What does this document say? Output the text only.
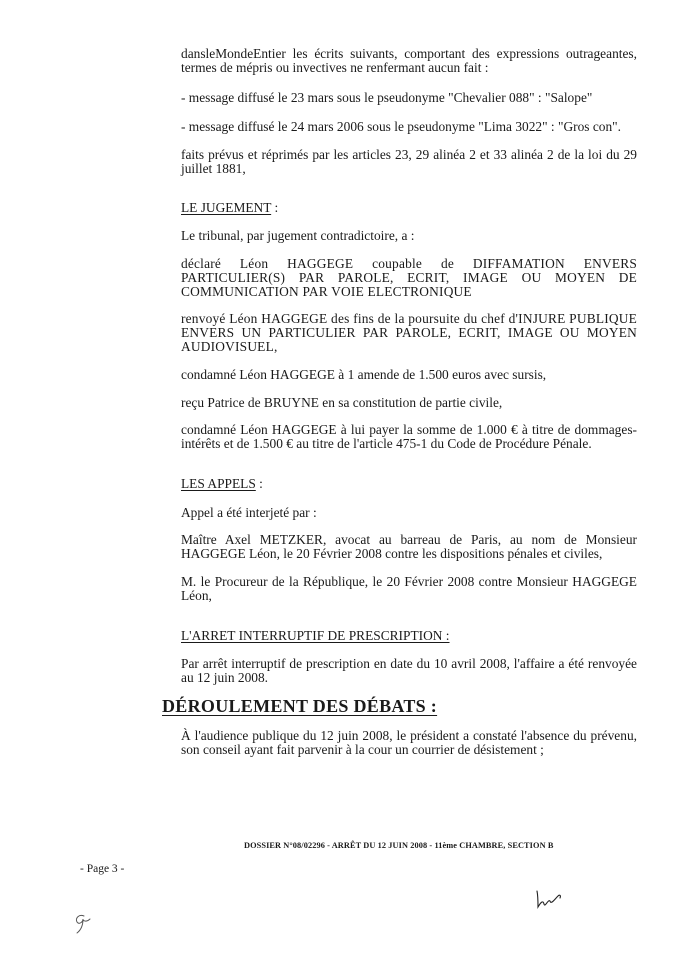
dansleMondeEntier les écrits suivants, comportant des expressions outrageantes, termes de mépris ou invectives ne renfermant aucun fait :

- message diffusé le 23 mars sous le pseudonyme "Chevalier 088" : "Salope"

- message diffusé le 24 mars 2006 sous le pseudonyme "Lima 3022" : "Gros con".

faits prévus et réprimés par les articles 23, 29 alinéa 2 et 33 alinéa 2 de la loi du 29 juillet 1881,

LE JUGEMENT :

Le tribunal, par jugement contradictoire, a :

déclaré Léon HAGGEGE coupable de DIFFAMATION ENVERS PARTICULIER(S) PAR PAROLE, ECRIT, IMAGE OU MOYEN DE COMMUNICATION PAR VOIE ELECTRONIQUE

renvoyé Léon HAGGEGE des fins de la poursuite du chef d'INJURE PUBLIQUE ENVERS UN PARTICULIER PAR PAROLE, ECRIT, IMAGE OU MOYEN AUDIOVISUEL,

condamné Léon HAGGEGE à 1 amende de 1.500 euros avec sursis,

reçu Patrice de BRUYNE en sa constitution de partie civile,

condamné Léon HAGGEGE à lui payer la somme de 1.000 € à titre de dommages-intérêts et de 1.500 € au titre de l'article 475-1 du Code de Procédure Pénale.

LES APPELS :

Appel a été interjeté par :

Maître Axel METZKER, avocat au barreau de Paris, au nom de Monsieur HAGGEGE Léon, le 20 Février 2008 contre les dispositions pénales et civiles,

M. le Procureur de la République, le 20 Février 2008 contre Monsieur HAGGEGE Léon,

L'ARRET INTERRUPTIF DE PRESCRIPTION :

Par arrêt interruptif de prescription en date du 10 avril 2008, l'affaire a été renvoyée au 12 juin 2008.

DÉROULEMENT DES DÉBATS :

À l'audience publique du 12 juin 2008, le président a constaté l'absence du prévenu, son conseil ayant fait parvenir à la cour un courrier de désistement ;

DOSSIER N°08/02296 - ARRÊT DU 12 JUIN 2008 - 11ème CHAMBRE, SECTION B

- Page 3 -
